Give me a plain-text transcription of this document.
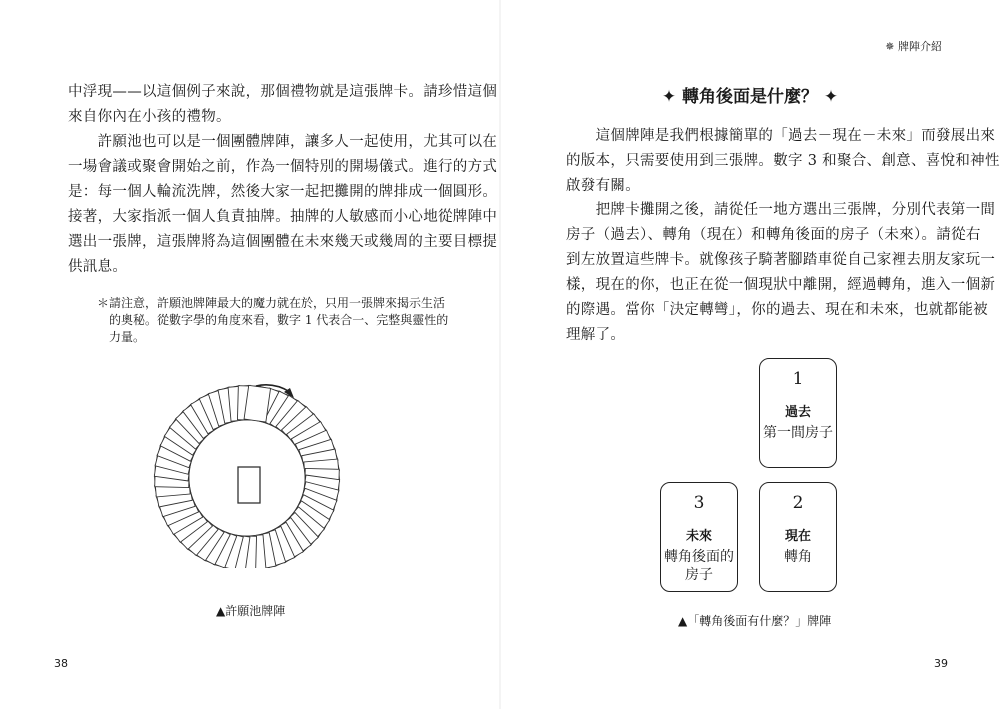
中浮現——以這個例子來說，那個禮物就是這張牌卡。請珍惜這個
來自你內在小孩的禮物。
　　許願池也可以是一個團體牌陣，讓多人一起使用，尤其可以在
一場會議或聚會開始之前，作為一個特別的開場儀式。進行的方式
是：每一個人輪流洗牌，然後大家一起把攤開的牌排成一個圓形。
接著，大家指派一個人負責抽牌。抽牌的人敏感而小心地從牌陣中
選出一張牌，這張牌將為這個團體在未來幾天或幾周的主要目標提
供訊息。
＊請注意，許願池牌陣最大的魔力就在於，只用一張牌來揭示生活
　的奧秘。從數字學的角度來看，數字 1 代表合一、完整與靈性的
　力量。
▲許願池牌陣
38
✵ 牌陣介紹
✦ 轉角後面是什麼？ ✦
　　這個牌陣是我們根據簡單的「過去－現在－未來」而發展出來
的版本，只需要使用到三張牌。數字 3 和聚合、創意、喜悅和神性
啟發有關。
　　把牌卡攤開之後，請從任一地方選出三張牌，分別代表第一間
房子（過去）、轉角（現在）和轉角後面的房子（未來）。請從右
到左放置這些牌卡。就像孩子騎著腳踏車從自己家裡去朋友家玩一
樣，現在的你，也正在從一個現狀中離開，經過轉角，進入一個新
的際遇。當你「決定轉彎」，你的過去、現在和未來，也就都能被
理解了。
1
過去
第一間房子
2
現在
轉角
3
未來
轉角後面的房子
▲「轉角後面有什麼？」牌陣
39
